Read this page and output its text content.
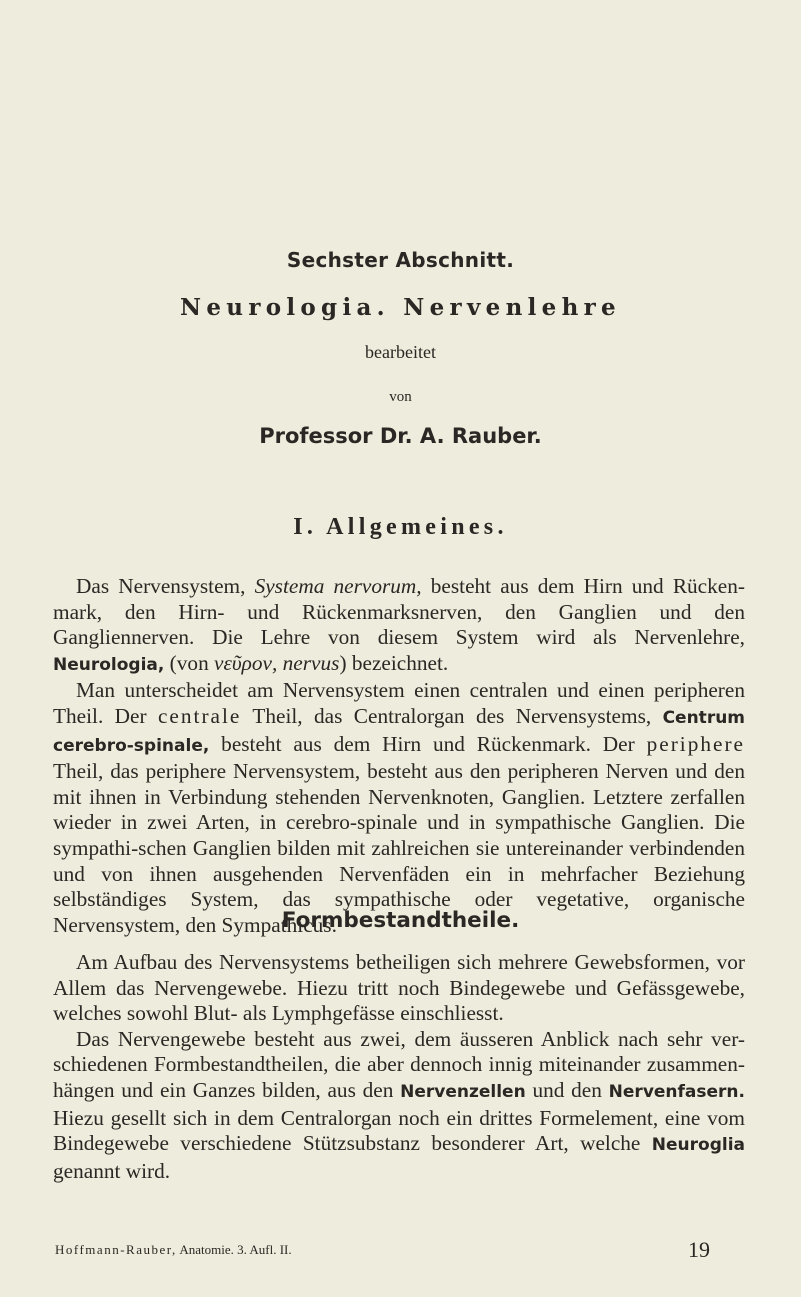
Sechster Abschnitt.
Neurologia. Nervenlehre
bearbeitet
von
Professor Dr. A. Rauber.
I. Allgemeines.

Das Nervensystem, Systema nervorum, besteht aus dem Hirn und Rücken-mark, den Hirn- und Rückenmarksnerven, den Ganglien und den Gangliennerven. Die Lehre von diesem System wird als Nervenlehre, Neurologia, (von νεῦρον, nervus) bezeichnet.

Man unterscheidet am Nervensystem einen centralen und einen peripheren Theil. Der centrale Theil, das Centralorgan des Nervensystems, Centrum cerebro-spinale, besteht aus dem Hirn und Rückenmark. Der periphere Theil, das periphere Nervensystem, besteht aus den peripheren Nerven und den mit ihnen in Verbindung stehenden Nervenknoten, Ganglien. Letztere zerfallen wieder in zwei Arten, in cerebro-spinale und in sympathische Ganglien. Die sympathi-schen Ganglien bilden mit zahlreichen sie untereinander verbindenden und von ihnen ausgehenden Nervenfäden ein in mehrfacher Beziehung selbständiges System, das sympathische oder vegetative, organische Nervensystem, den Sympathicus.

Formbestandtheile.

Am Aufbau des Nervensystems betheiligen sich mehrere Gewebsformen, vor Allem das Nervengewebe. Hiezu tritt noch Bindegewebe und Gefässgewebe, welches sowohl Blut- als Lymphgefässe einschliesst.

Das Nervengewebe besteht aus zwei, dem äusseren Anblick nach sehr ver-schiedenen Formbestandtheilen, die aber dennoch innig miteinander zusammen-hängen und ein Ganzes bilden, aus den Nervenzellen und den Nervenfasern. Hiezu gesellt sich in dem Centralorgan noch ein drittes Formelement, eine vom Bindegewebe verschiedene Stützsubstanz besonderer Art, welche Neuroglia genannt wird.

Hoffmann-Rauber, Anatomie. 3. Aufl. II.	19
